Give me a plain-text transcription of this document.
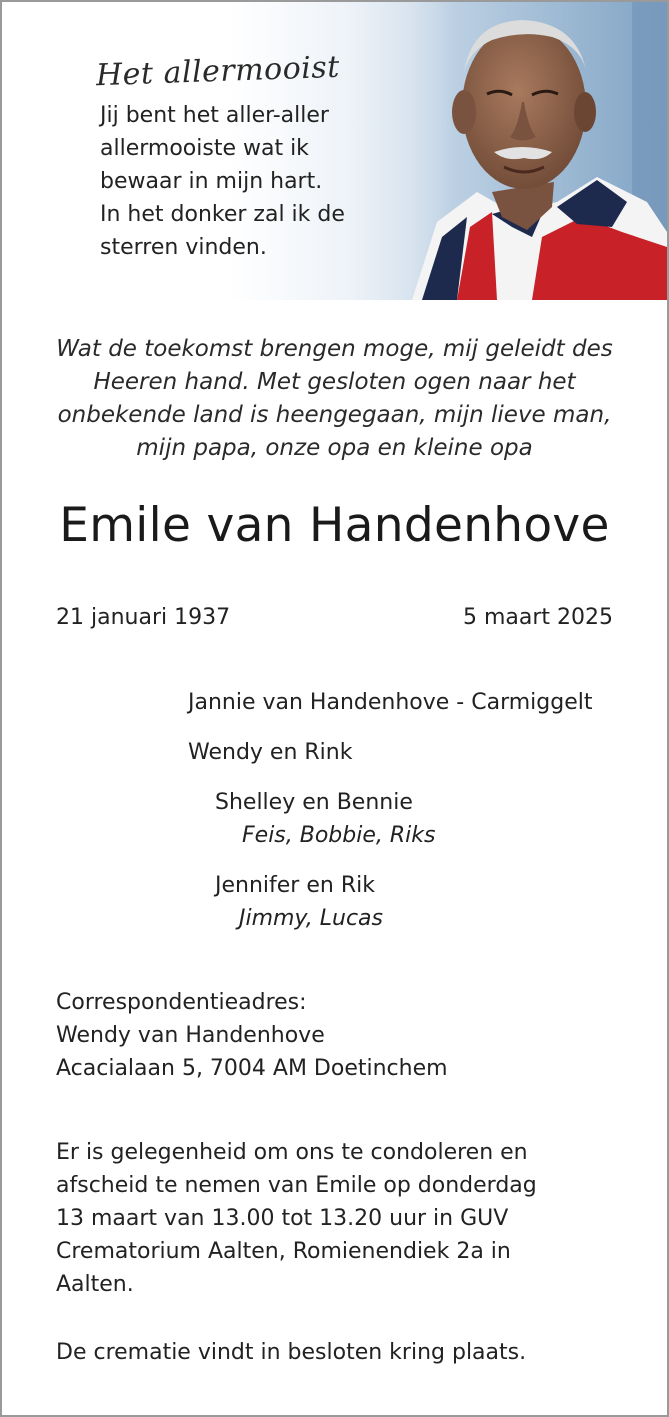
Het allermooist
Jij bent het aller-aller
allermooiste wat ik
bewaar in mijn hart.
In het donker zal ik de
sterren vinden.
Wat de toekomst brengen moge, mij geleidt des
Heeren hand. Met gesloten ogen naar het
onbekende land is heengegaan, mijn lieve man,
mijn papa, onze opa en kleine opa
Emile van Handenhove
21 januari 1937	5 maart 2025
Jannie van Handenhove - Carmiggelt
Wendy en Rink
Shelley en Bennie
Feis, Bobbie, Riks
Jennifer en Rik
Jimmy, Lucas
Correspondentieadres:
Wendy van Handenhove
Acacialaan 5, 7004 AM Doetinchem
Er is gelegenheid om ons te condoleren en
afscheid te nemen van Emile op donderdag
13 maart van 13.00 tot 13.20 uur in GUV
Crematorium Aalten, Romienendiek 2a in
Aalten.
De crematie vindt in besloten kring plaats.
